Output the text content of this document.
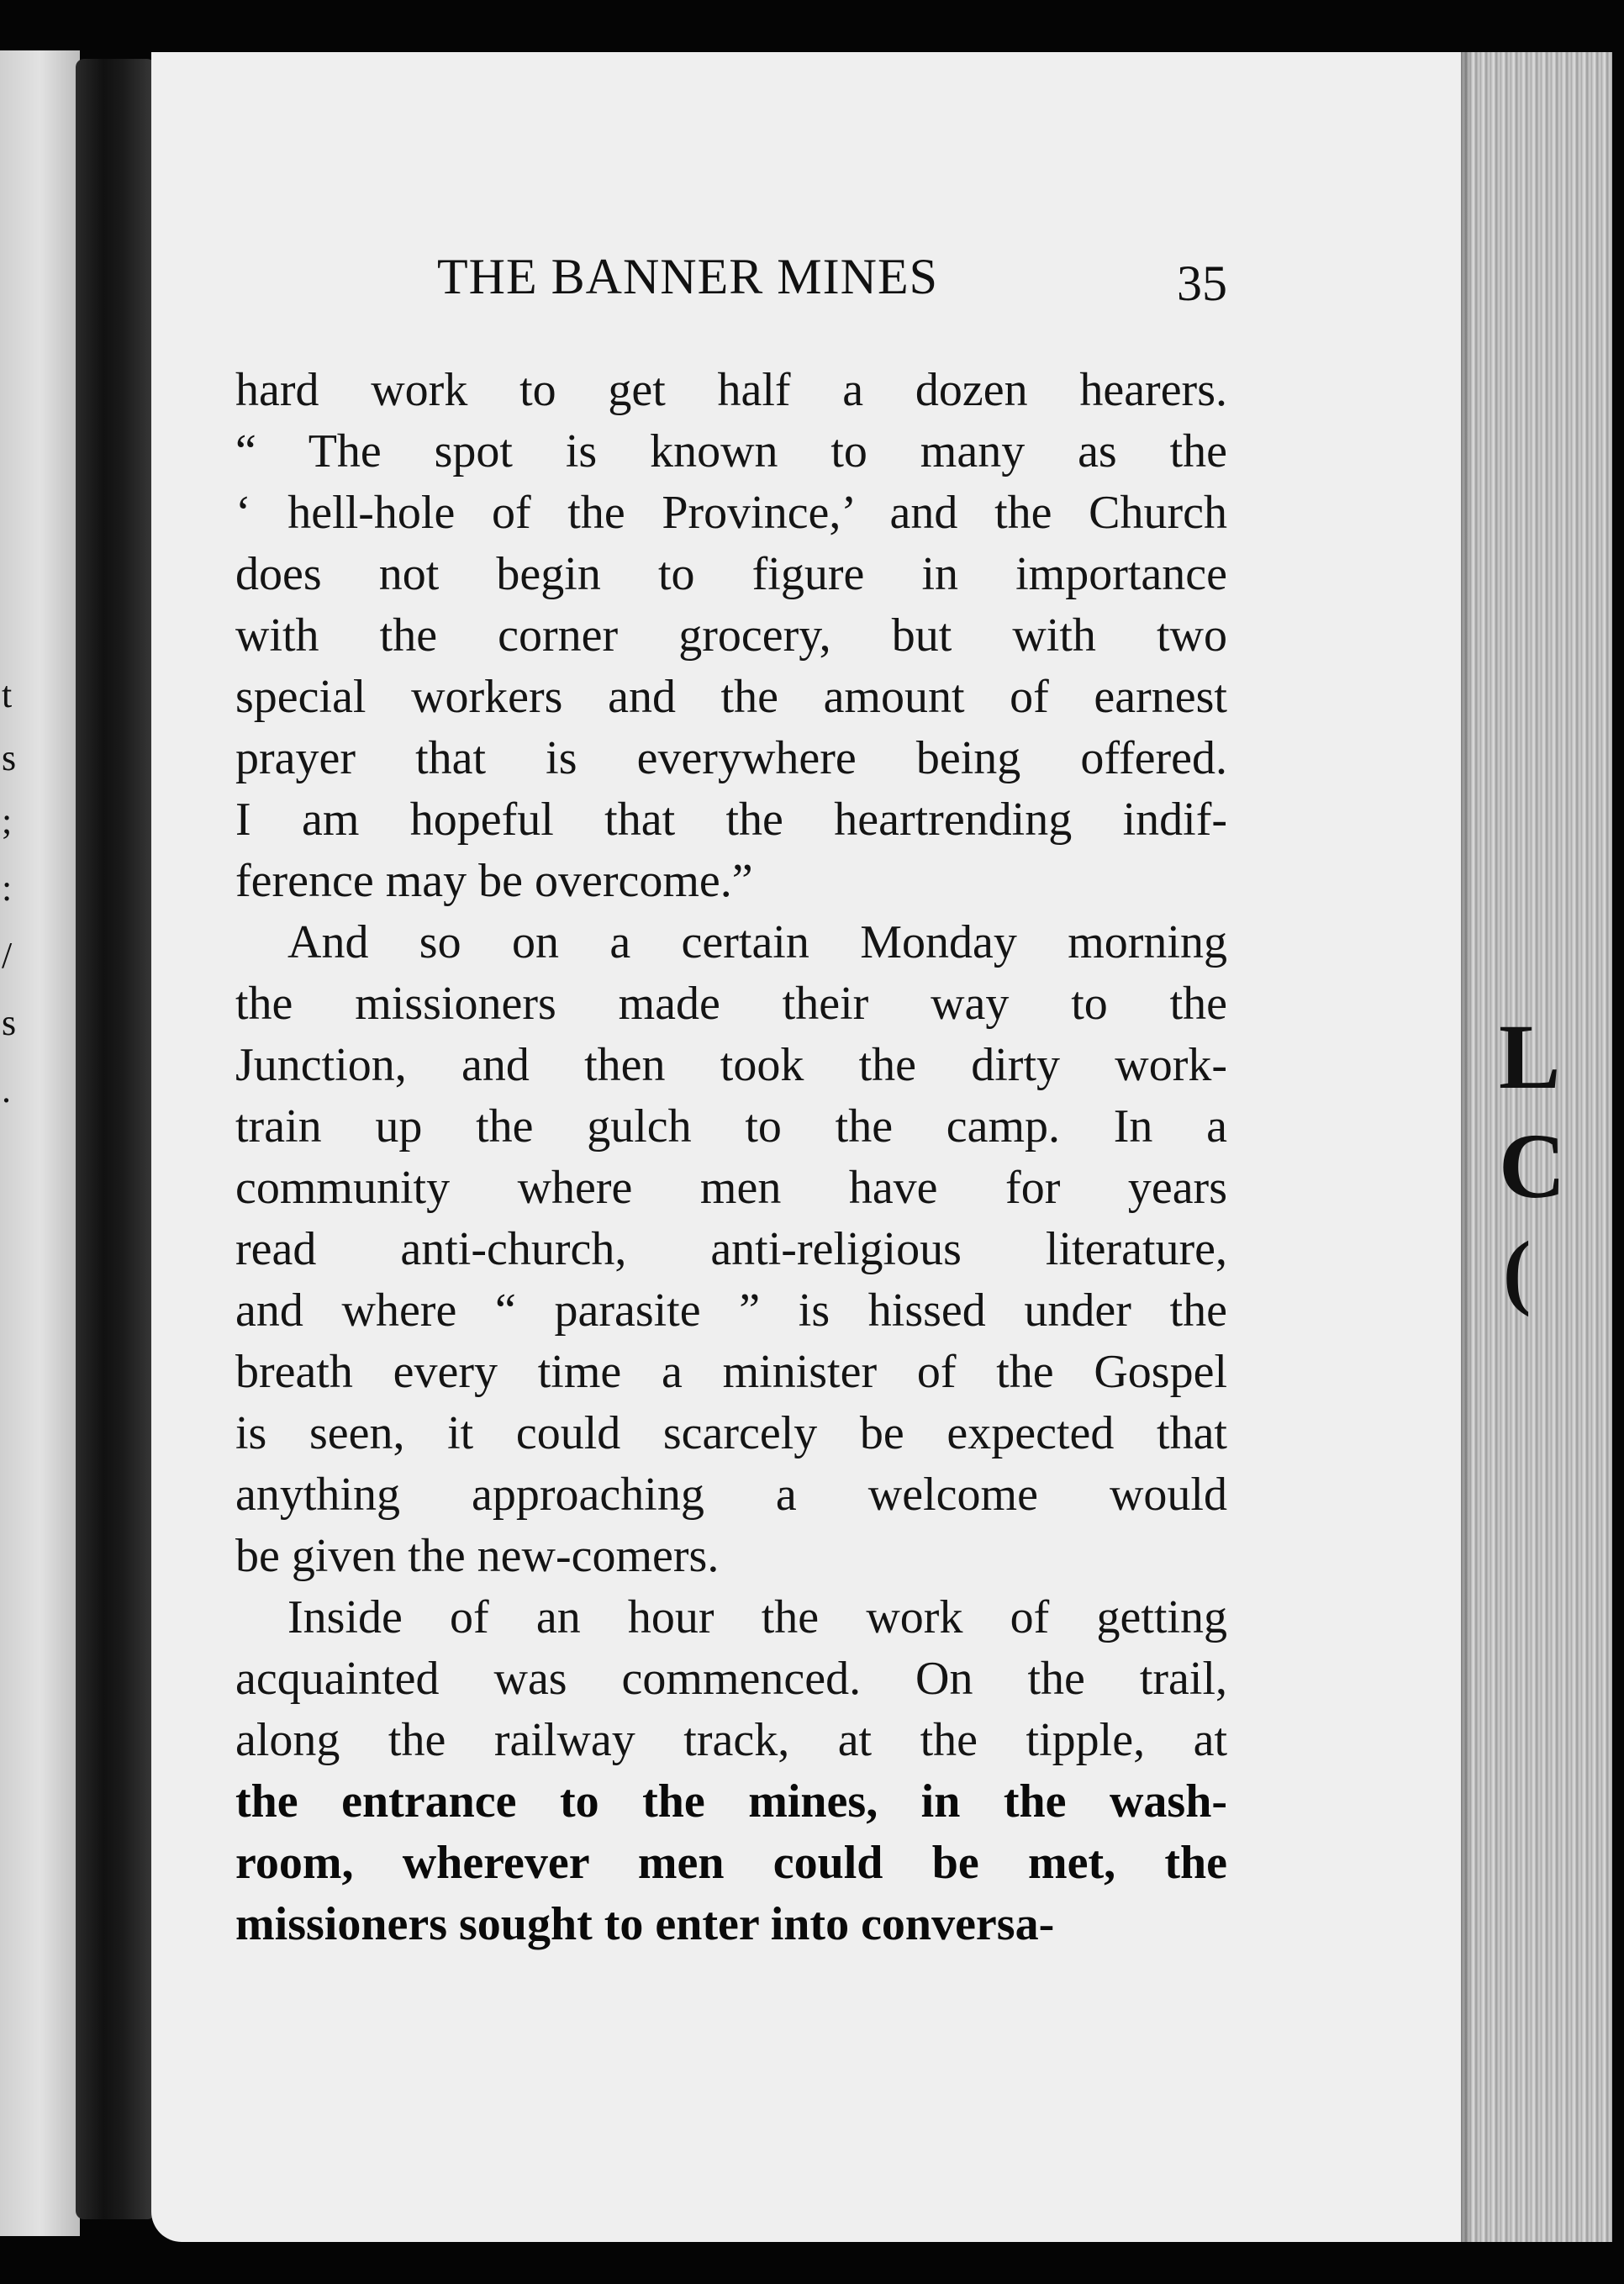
t
s
;
:
/
s
.	L
C
(
THE BANNER MINES	35
hard work to get half a dozen hearers.
“ The spot is known to many as the
‘ hell-hole of the Province,’ and the Church
does not begin to figure in importance
with the corner grocery, but with two
special workers and the amount of earnest
prayer that is everywhere being offered.
I am hopeful that the heartrending indif-
ference may be overcome.”
And so on a certain Monday morning
the missioners made their way to the
Junction, and then took the dirty work-
train up the gulch to the camp. In a
community where men have for years
read anti-church, anti-religious literature,
and where “ parasite ” is hissed under the
breath every time a minister of the Gospel
is seen, it could scarcely be expected that
anything approaching a welcome would
be given the new-comers.
Inside of an hour the work of getting
acquainted was commenced. On the trail,
along the railway track, at the tipple, at
the entrance to the mines, in the wash-
room, wherever men could be met, the
missioners sought to enter into conversa-
